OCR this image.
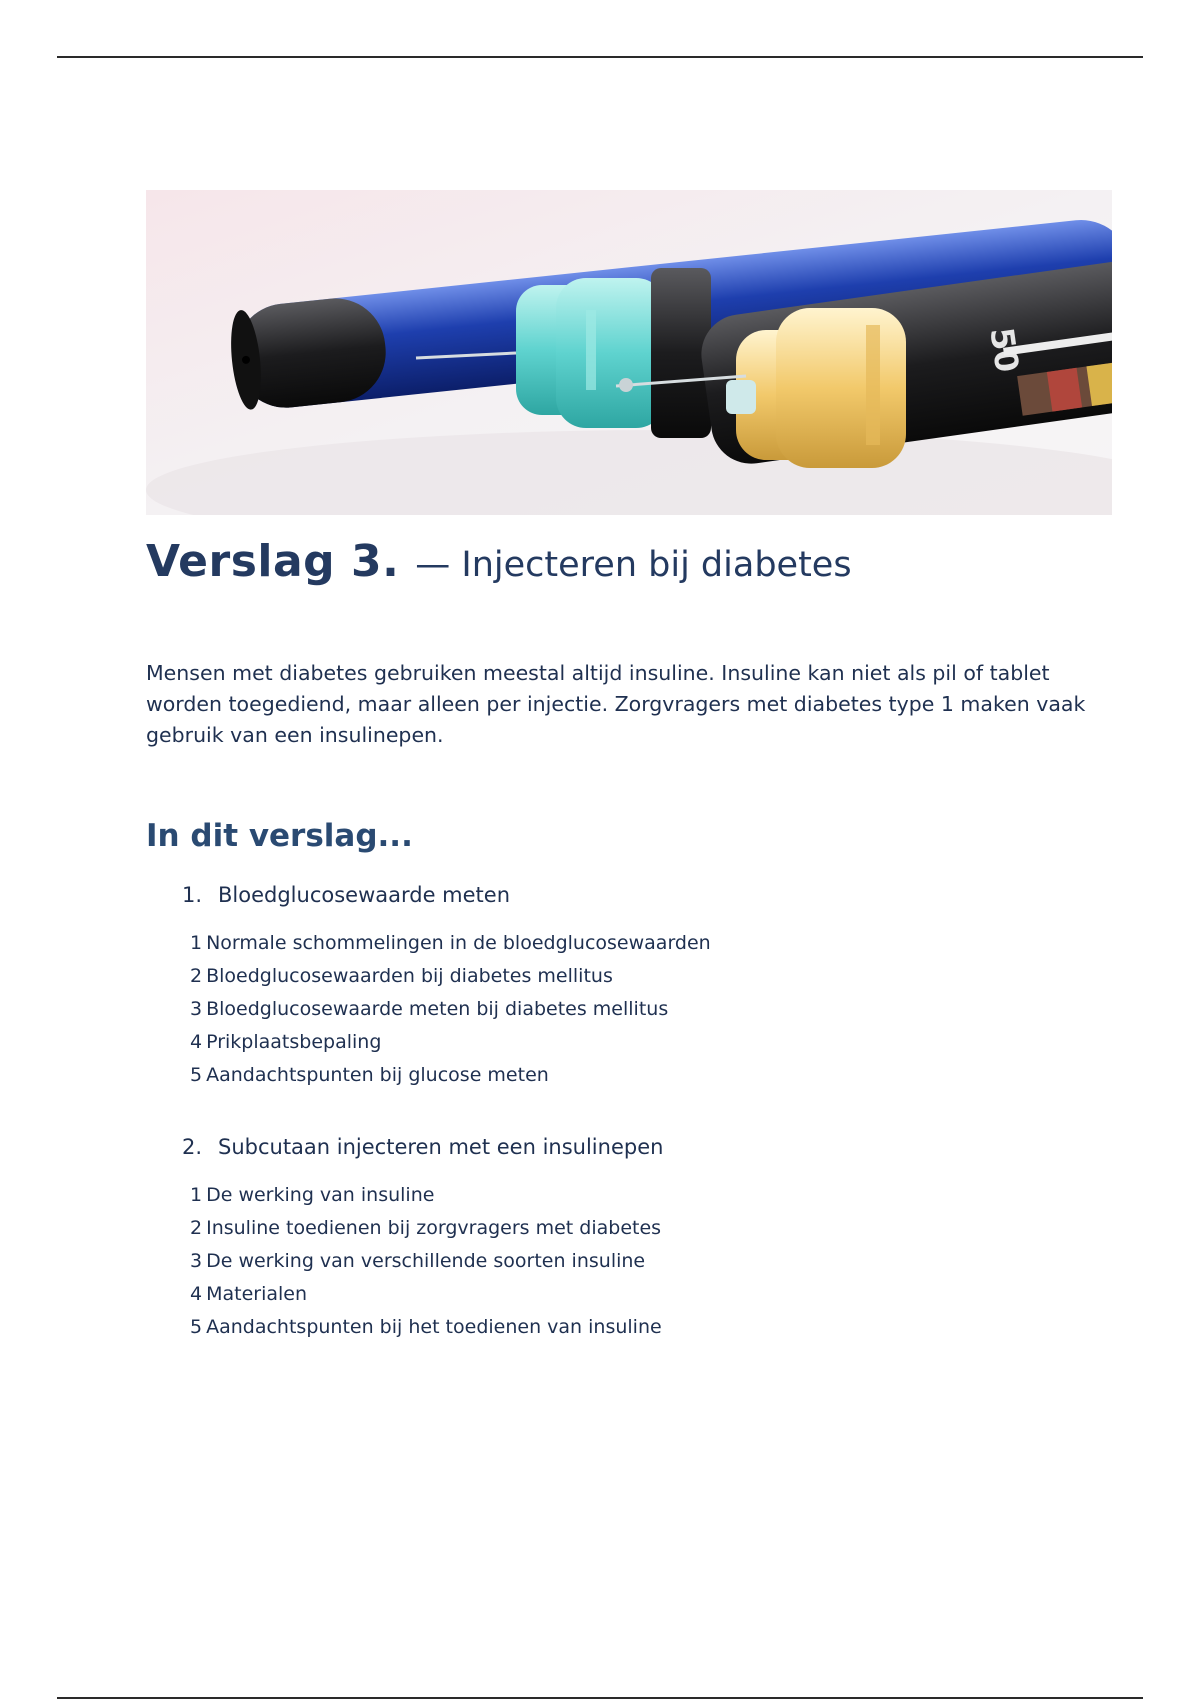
Verslag 3. — Injecteren bij diabetes

Mensen met diabetes gebruiken meestal altijd insuline. Insuline kan niet als pil of tablet worden toegediend, maar alleen per injectie. Zorgvragers met diabetes type 1 maken vaak gebruik van een insulinepen.

In dit verslag...
1. Bloedglucosewaarde meten
1 Normale schommelingen in de bloedglucosewaarden
2 Bloedglucosewaarden bij diabetes mellitus
3 Bloedglucosewaarde meten bij diabetes mellitus
4 Prikplaatsbepaling
5 Aandachtspunten bij glucose meten
2. Subcutaan injecteren met een insulinepen
1 De werking van insuline
2 Insuline toedienen bij zorgvragers met diabetes
3 De werking van verschillende soorten insuline
4 Materialen
5 Aandachtspunten bij het toedienen van insuline
